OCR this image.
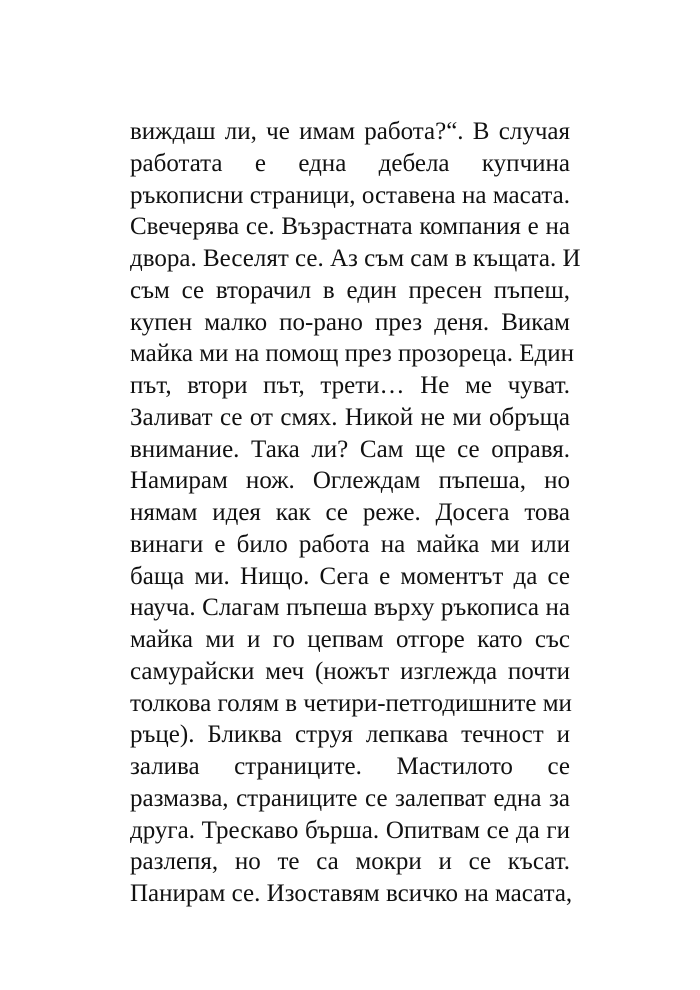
виждаш ли, че имам работа?“. В случая
работата е една дебела купчина
ръкописни страници, оставена на масата.
Свечерява се. Възрастната компания е на
двора. Веселят се. Аз съм сам в къщата. И
съм се вторачил в един пресен пъпеш,
купен малко по-рано през деня. Викам
майка ми на помощ през прозореца. Един
път, втори път, трети… Не ме чуват.
Заливат се от смях. Никой не ми обръща
внимание. Така ли? Сам ще се оправя.
Намирам нож. Оглеждам пъпеша, но
нямам идея как се реже. Досега това
винаги е било работа на майка ми или
баща ми. Нищо. Сега е моментът да се
науча. Слагам пъпеша върху ръкописа на
майка ми и го цепвам отгоре като със
самурайски меч (ножът изглежда почти
толкова голям в четири-петгодишните ми
ръце). Бликва струя лепкава течност и
залива страниците. Мастилото се
размазва, страниците се залепват една за
друга. Трескаво бърша. Опитвам се да ги
разлепя, но те са мокри и се късат.
Панирам се. Изоставям всичко на масата,
